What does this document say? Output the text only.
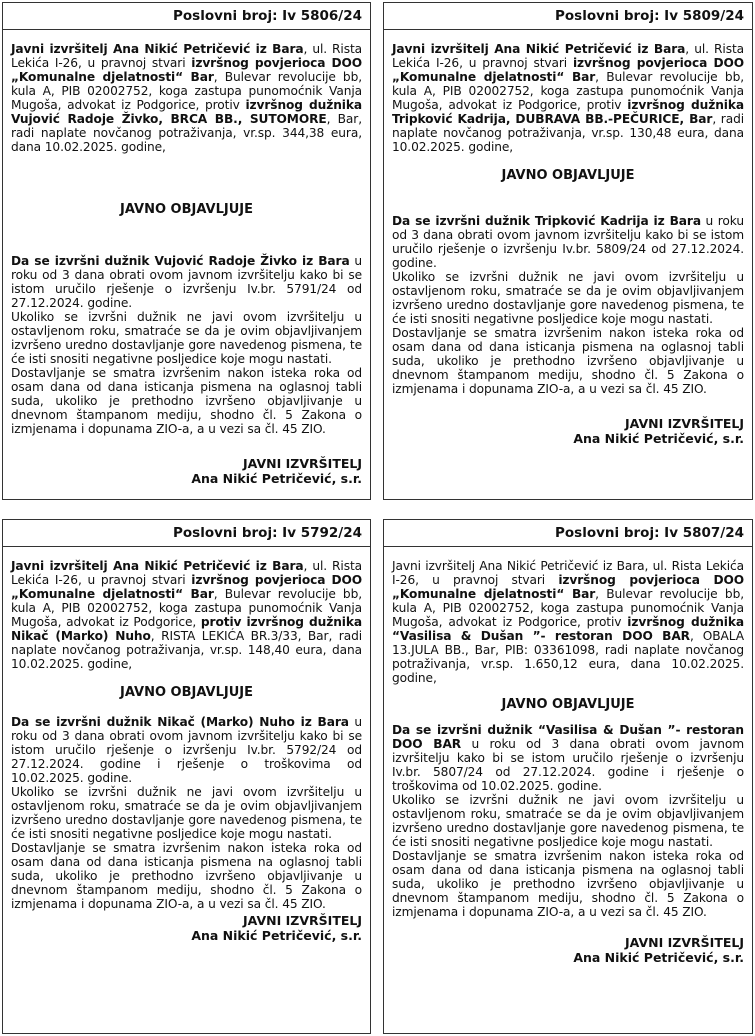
Poslovni broj: Iv 5806/24

Javni izvršitelj Ana Nikić Petričević iz Bara, ul. Rista Lekića I-26, u pravnoj stvari izvršnog povjerioca DOO „Komunalne djelatnosti“ Bar, Bulevar revolucije bb, kula A, PIB 02002752, koga zastupa punomoćnik Vanja Mugoša, advokat iz Podgorice, protiv izvršnog dužnika Vujović Radoje Živko, BRCA BB., SUTOMORE, Bar, radi naplate novčanog potraživanja, vr.sp. 344,38 eura, dana 10.02.2025. godine,

JAVNO OBJAVLJUJE

Da se izvršni dužnik Vujović Radoje Živko iz Bara u roku od 3 dana obrati ovom javnom izvršitelju kako bi se istom uručilo rješenje o izvršenju Iv.br. 5791/24 od 27.12.2024. godine.

Ukoliko se izvršni dužnik ne javi ovom izvršitelju u ostavljenom roku, smatraće se da je ovim objavljivanjem izvršeno uredno dostavljanje gore navedenog pismena, te će isti snositi negativne posljedice koje mogu nastati.

Dostavljanje se smatra izvršenim nakon isteka roka od osam dana od dana isticanja pismena na oglasnoj tabli suda, ukoliko je prethodno izvršeno objavljivanje u dnevnom štampanom mediju, shodno čl. 5 Zakona o izmjenama i dopunama ZIO-a, a u vezi sa čl. 45 ZIO.

JAVNI IZVRŠITELJ
Ana Nikić Petričević, s.r.
Poslovni broj: Iv 5809/24

Javni izvršitelj Ana Nikić Petričević iz Bara, ul. Rista Lekića I-26, u pravnoj stvari izvršnog povjerioca DOO „Komunalne djelatnosti“ Bar, Bulevar revolucije bb, kula A, PIB 02002752, koga zastupa punomoćnik Vanja Mugoša, advokat iz Podgorice, protiv izvršnog dužnika Tripković Kadrija, DUBRAVA BB.-PEČURICE, Bar, radi naplate novčanog potraživanja, vr.sp. 130,48 eura, dana 10.02.2025. godine,

JAVNO OBJAVLJUJE

Da se izvršni dužnik Tripković Kadrija iz Bara u roku od 3 dana obrati ovom javnom izvršitelju kako bi se istom uručilo rješenje o izvršenju Iv.br. 5809/24 od 27.12.2024. godine.

Ukoliko se izvršni dužnik ne javi ovom izvršitelju u ostavljenom roku, smatraće se da je ovim objavljivanjem izvršeno uredno dostavljanje gore navedenog pismena, te će isti snositi negativne posljedice koje mogu nastati.

Dostavljanje se smatra izvršenim nakon isteka roka od osam dana od dana isticanja pismena na oglasnoj tabli suda, ukoliko je prethodno izvršeno objavljivanje u dnevnom štampanom mediju, shodno čl. 5 Zakona o izmjenama i dopunama ZIO-a, a u vezi sa čl. 45 ZIO.

JAVNI IZVRŠITELJ
Ana Nikić Petričević, s.r.
Poslovni broj: Iv 5792/24

Javni izvršitelj Ana Nikić Petričević iz Bara, ul. Rista Lekića I-26, u pravnoj stvari izvršnog povjerioca DOO „Komunalne djelatnosti“ Bar, Bulevar revolucije bb, kula A, PIB 02002752, koga zastupa punomoćnik Vanja Mugoša, advokat iz Podgorice, protiv izvršnog dužnika Nikač (Marko) Nuho, RISTA LEKIĆA BR.3/33, Bar, radi naplate novčanog potraživanja, vr.sp. 148,40 eura, dana 10.02.2025. godine,

JAVNO OBJAVLJUJE

Da se izvršni dužnik Nikač (Marko) Nuho iz Bara u roku od 3 dana obrati ovom javnom izvršitelju kako bi se istom uručilo rješenje o izvršenju Iv.br. 5792/24 od 27.12.2024. godine i rješenje o troškovima od 10.02.2025. godine.

Ukoliko se izvršni dužnik ne javi ovom izvršitelju u ostavljenom roku, smatraće se da je ovim objavljivanjem izvršeno uredno dostavljanje gore navedenog pismena, te će isti snositi negativne posljedice koje mogu nastati.

Dostavljanje se smatra izvršenim nakon isteka roka od osam dana od dana isticanja pismena na oglasnoj tabli suda, ukoliko je prethodno izvršeno objavljivanje u dnevnom štampanom mediju, shodno čl. 5 Zakona o izmjenama i dopunama ZIO-a, a u vezi sa čl. 45 ZIO.

JAVNI IZVRŠITELJ
Ana Nikić Petričević, s.r.
Poslovni broj: Iv 5807/24

Javni izvršitelj Ana Nikić Petričević iz Bara, ul. Rista Lekića I-26, u pravnoj stvari izvršnog povjerioca DOO „Komunalne djelatnosti“ Bar, Bulevar revolucije bb, kula A, PIB 02002752, koga zastupa punomoćnik Vanja Mugoša, advokat iz Podgorice, protiv izvršnog dužnika “Vasilisa & Dušan ”- restoran DOO BAR, OBALA 13.JULA BB., Bar, PIB: 03361098, radi naplate novčanog potraživanja, vr.sp. 1.650,12 eura, dana 10.02.2025. godine,

JAVNO OBJAVLJUJE

Da se izvršni dužnik “Vasilisa & Dušan ”- restoran DOO BAR u roku od 3 dana obrati ovom javnom izvršitelju kako bi se istom uručilo rješenje o izvršenju Iv.br. 5807/24 od 27.12.2024. godine i rješenje o troškovima od 10.02.2025. godine.

Ukoliko se izvršni dužnik ne javi ovom izvršitelju u ostavljenom roku, smatraće se da je ovim objavljivanjem izvršeno uredno dostavljanje gore navedenog pismena, te će isti snositi negativne posljedice koje mogu nastati.

Dostavljanje se smatra izvršenim nakon isteka roka od osam dana od dana isticanja pismena na oglasnoj tabli suda, ukoliko je prethodno izvršeno objavljivanje u dnevnom štampanom mediju, shodno čl. 5 Zakona o izmjenama i dopunama ZIO-a, a u vezi sa čl. 45 ZIO.

JAVNI IZVRŠITELJ
Ana Nikić Petričević, s.r.
